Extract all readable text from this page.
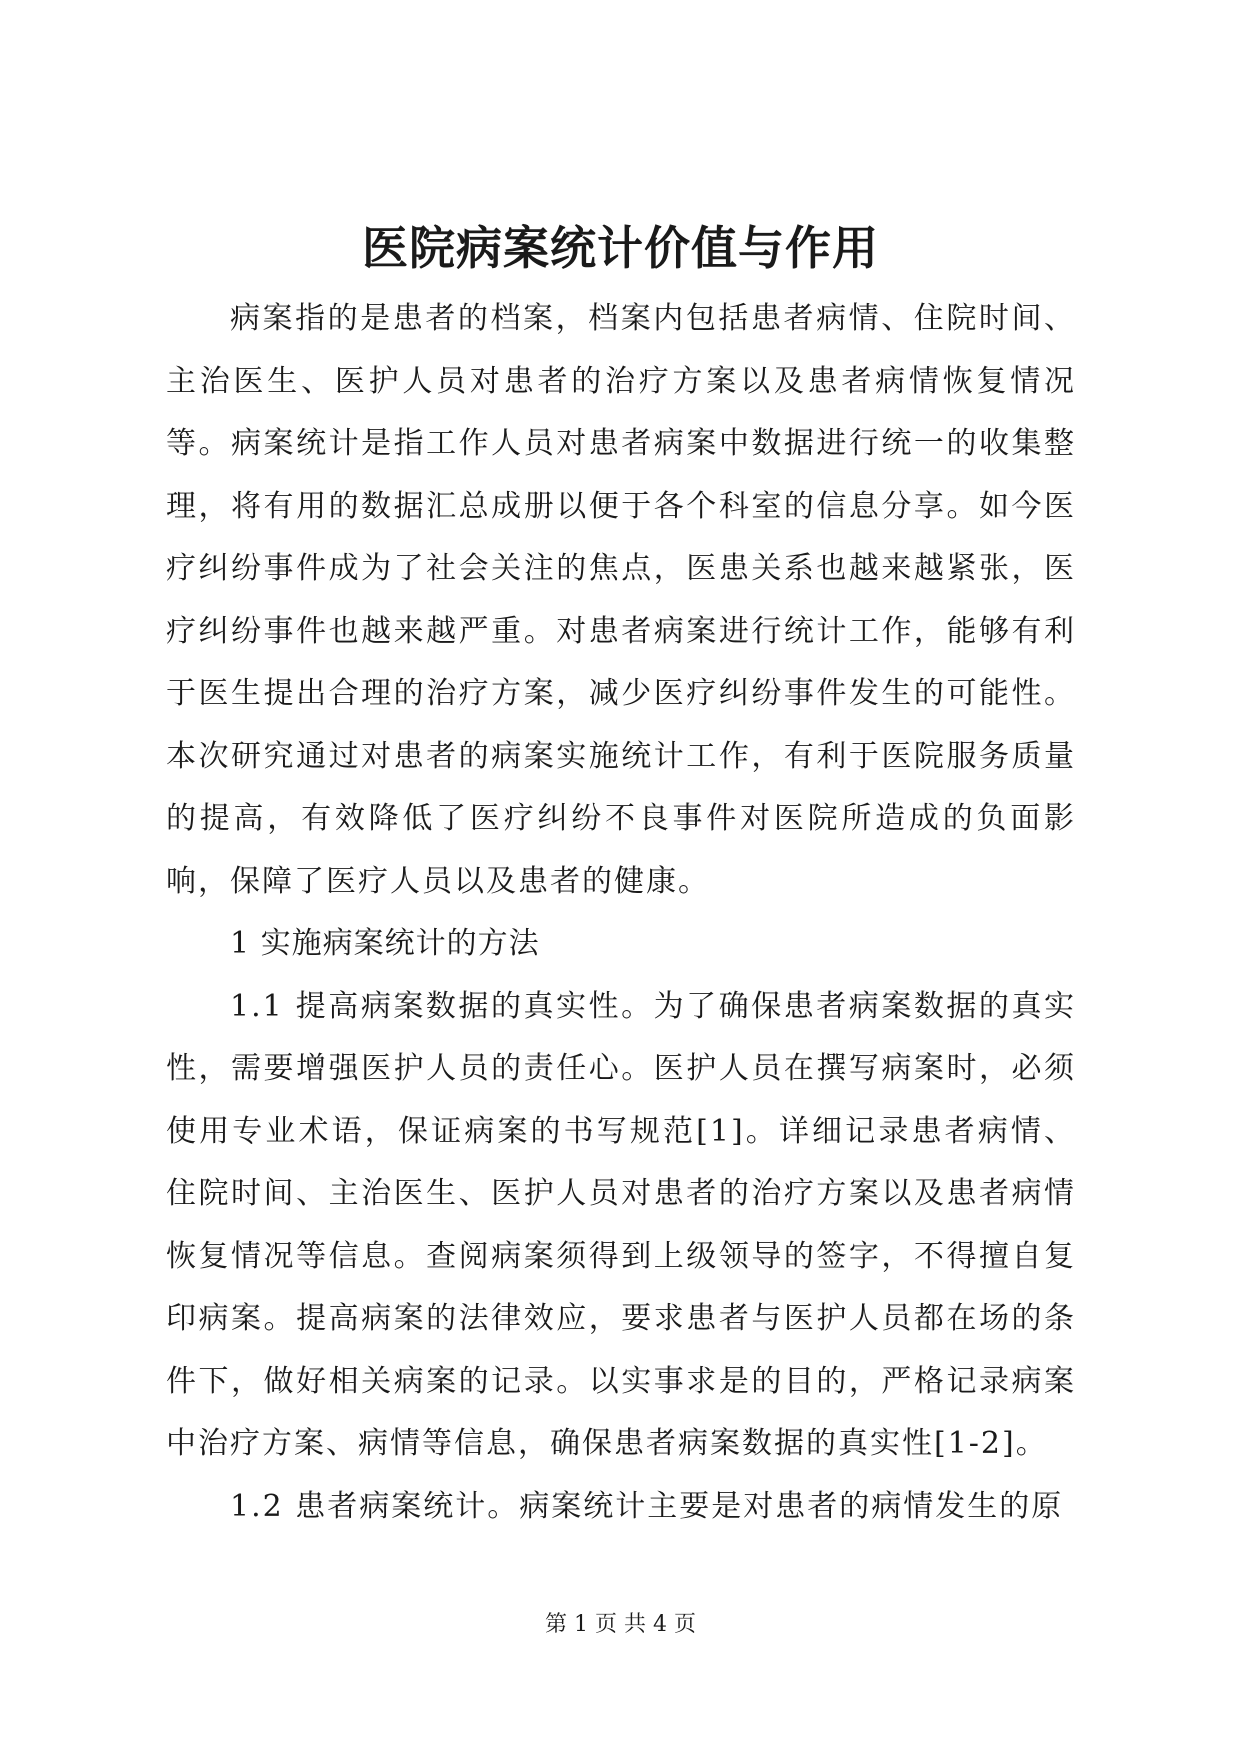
医院病案统计价值与作用

病案指的是患者的档案，档案内包括患者病情、住院时间、主治医生、医护人员对患者的治疗方案以及患者病情恢复情况等。病案统计是指工作人员对患者病案中数据进行统一的收集整理，将有用的数据汇总成册以便于各个科室的信息分享。如今医疗纠纷事件成为了社会关注的焦点，医患关系也越来越紧张，医疗纠纷事件也越来越严重。对患者病案进行统计工作，能够有利于医生提出合理的治疗方案，减少医疗纠纷事件发生的可能性。本次研究通过对患者的病案实施统计工作，有利于医院服务质量的提高，有效降低了医疗纠纷不良事件对医院所造成的负面影响，保障了医疗人员以及患者的健康。

1 实施病案统计的方法

1.1 提高病案数据的真实性。为了确保患者病案数据的真实性，需要增强医护人员的责任心。医护人员在撰写病案时，必须使用专业术语，保证病案的书写规范[1]。详细记录患者病情、住院时间、主治医生、医护人员对患者的治疗方案以及患者病情恢复情况等信息。查阅病案须得到上级领导的签字，不得擅自复印病案。提高病案的法律效应，要求患者与医护人员都在场的条件下，做好相关病案的记录。以实事求是的目的，严格记录病案中治疗方案、病情等信息，确保患者病案数据的真实性[1-2]。

1.2 患者病案统计。病案统计主要是对患者的病情发生的原

第 1 页 共 4 页
